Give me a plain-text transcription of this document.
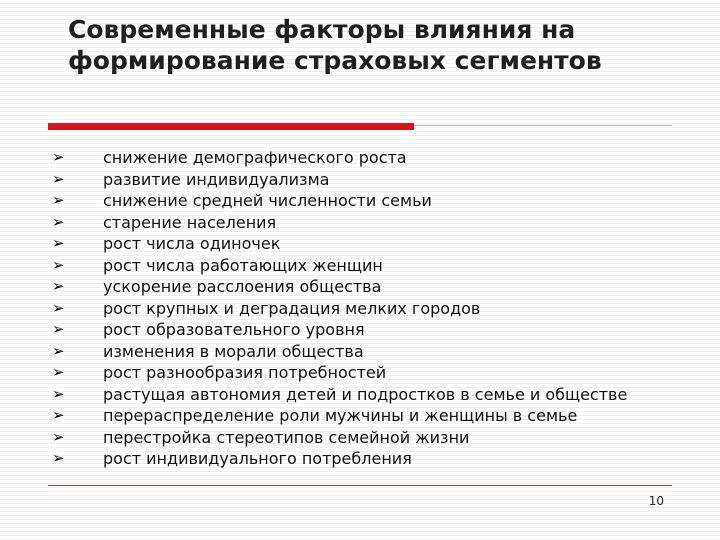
Современные факторы влияния на формирование страховых сегментов
➢ снижение демографического роста
➢ развитие индивидуализма
➢ снижение средней численности семьи
➢ старение населения
➢ рост числа одиночек
➢ рост числа работающих женщин
➢ ускорение расслоения общества
➢ рост крупных и деградация мелких городов
➢ рост образовательного уровня
➢ изменения в морали общества
➢ рост разнообразия потребностей
➢ растущая автономия детей и подростков в семье и обществе
➢ перераспределение роли мужчины и женщины в семье
➢ перестройка стереотипов семейной жизни
➢ рост индивидуального потребления
10
